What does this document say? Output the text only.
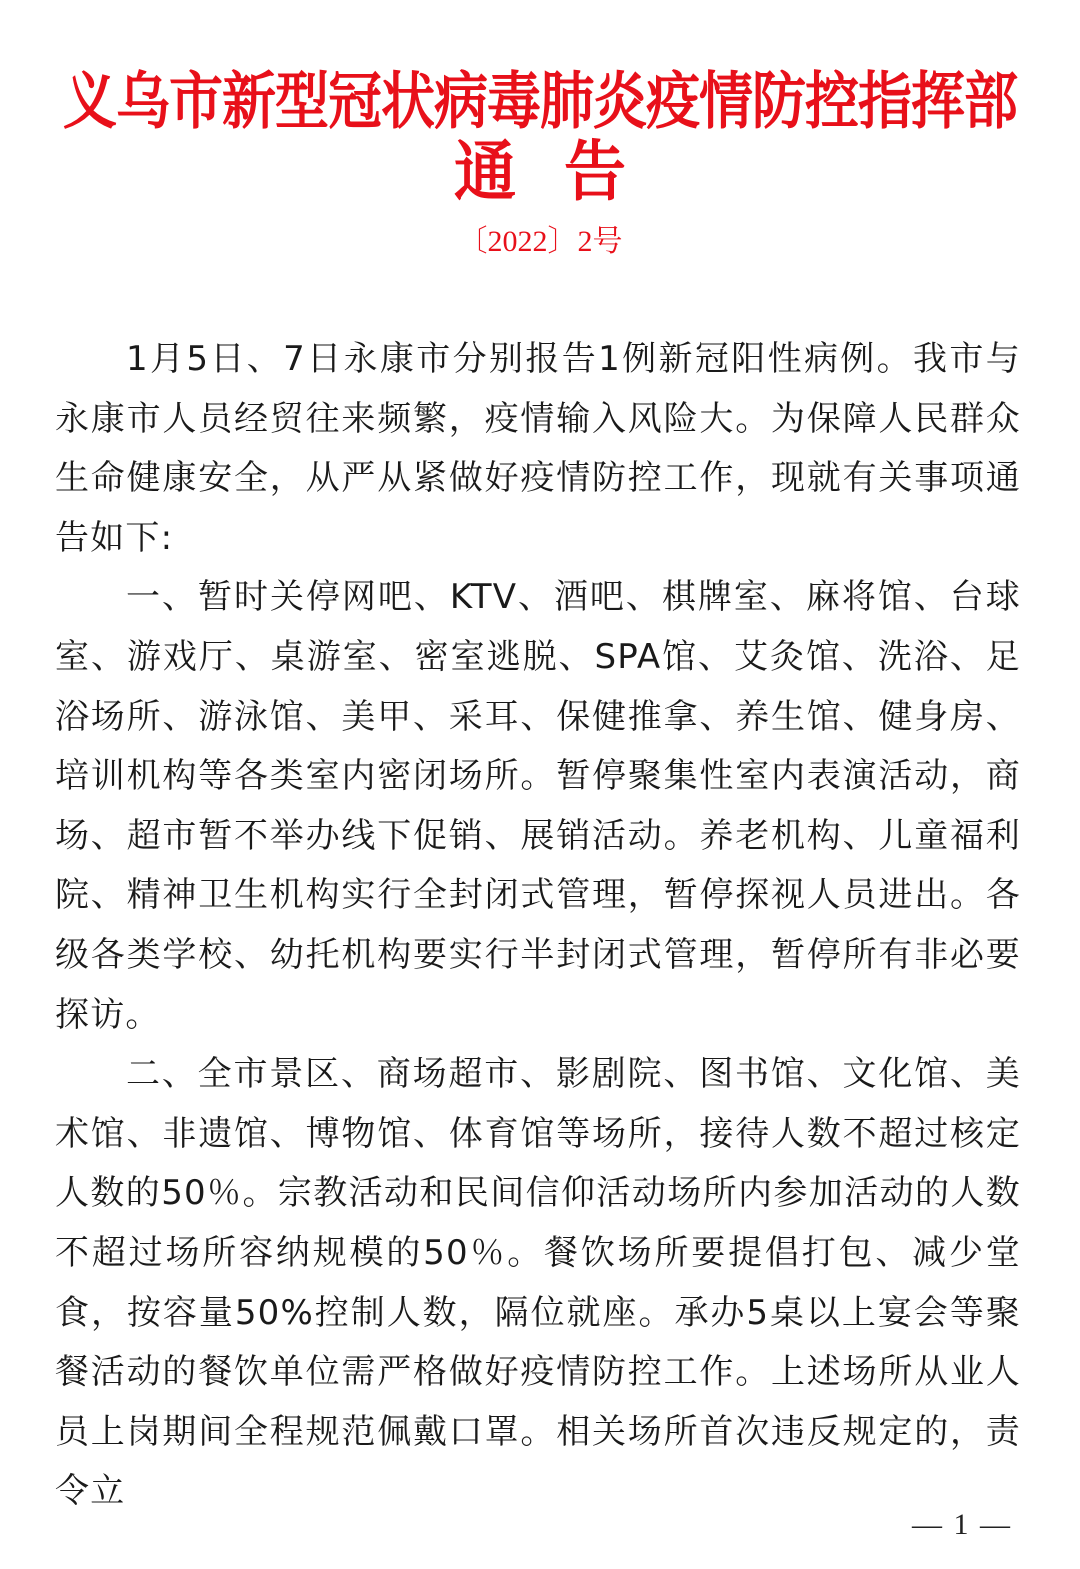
义乌市新型冠状病毒肺炎疫情防控指挥部
通告
〔2022〕2号

1月5日、7日永康市分别报告1例新冠阳性病例。我市与永康市人员经贸往来频繁，疫情输入风险大。为保障人民群众生命健康安全，从严从紧做好疫情防控工作，现就有关事项通告如下:

一、暂时关停网吧、KTV、酒吧、棋牌室、麻将馆、台球室、游戏厅、桌游室、密室逃脱、SPA馆、艾灸馆、洗浴、足浴场所、游泳馆、美甲、采耳、保健推拿、养生馆、健身房、培训机构等各类室内密闭场所。暂停聚集性室内表演活动，商场、超市暂不举办线下促销、展销活动。养老机构、儿童福利院、精神卫生机构实行全封闭式管理，暂停探视人员进出。各级各类学校、幼托机构要实行半封闭式管理，暂停所有非必要探访。

二、全市景区、商场超市、影剧院、图书馆、文化馆、美术馆、非遗馆、博物馆、体育馆等场所，接待人数不超过核定人数的50％。宗教活动和民间信仰活动场所内参加活动的人数不超过场所容纳规模的50％。餐饮场所要提倡打包、减少堂食，按容量50%控制人数，隔位就座。承办5桌以上宴会等聚餐活动的餐饮单位需严格做好疫情防控工作。上述场所从业人员上岗期间全程规范佩戴口罩。相关场所首次违反规定的，责令立

— 1 —
